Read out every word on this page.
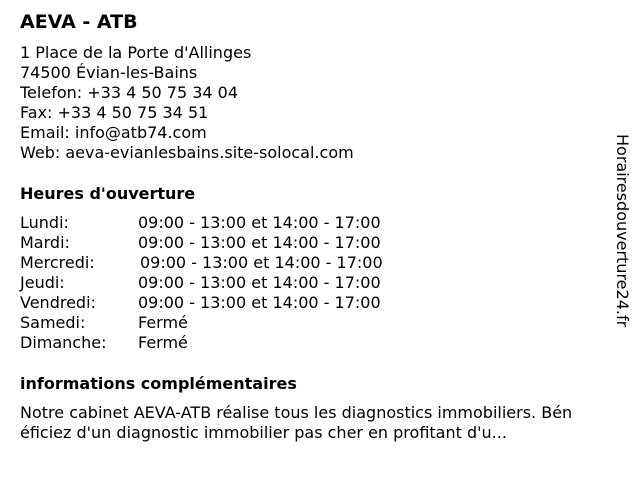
AEVA - ATB
1 Place de la Porte d'Allinges
74500 Évian-les-Bains
Telefon: +33 4 50 75 34 04
Fax: +33 4 50 75 34 51
Email: info@atb74.com
Web: aeva-evianlesbains.site-solocal.com
Heures d'ouverture
Lundi:	09:00 - 13:00 et 14:00 - 17:00
Mardi:	09:00 - 13:00 et 14:00 - 17:00
Mercredi:	09:00 - 13:00 et 14:00 - 17:00
Jeudi:	09:00 - 13:00 et 14:00 - 17:00
Vendredi:	09:00 - 13:00 et 14:00 - 17:00
Samedi:	Fermé
Dimanche: Fermé
informations complémentaires
Notre cabinet AEVA-ATB réalise tous les diagnostics immobiliers. Bén
éficiez d'un diagnostic immobilier pas cher en profitant d'u...
Horairesdouverture24.fr
